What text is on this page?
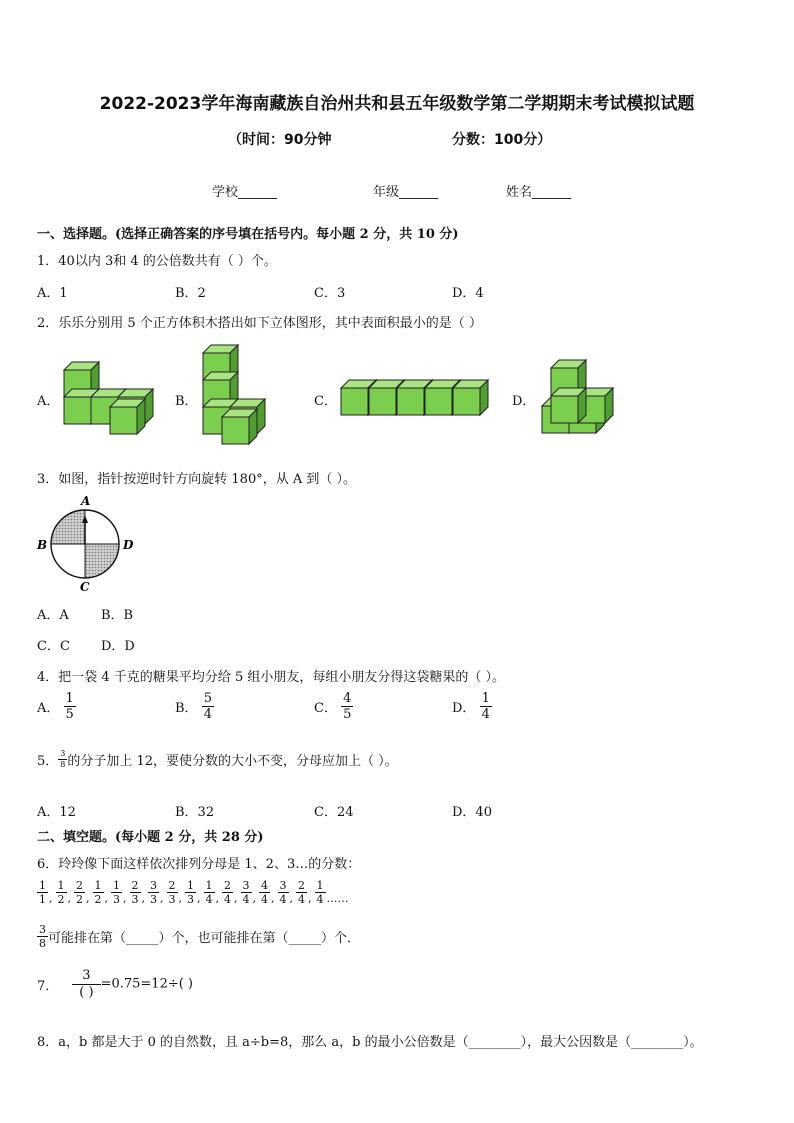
2022-2023学年海南藏族自治州共和县五年级数学第二学期期末考试模拟试题
（时间：90分钟	分数：100分）
学校______	年级______	姓名______
一、选择题。(选择正确答案的序号填在括号内。每小题 2 分，共 10 分)
1．40以内 3和 4 的公倍数共有（ ）个。
A．1	B．2	C．3	D．4
2．乐乐分别用 5 个正方体积木搭出如下立体图形，其中表面积最小的是（ ）
A．	B．	C．	D．
3．如图，指针按逆时针方向旋转 180°，从 A 到（ ）。
A
B
C
D
A．A B．B
C．C D．D
4．把一袋 4 千克的糖果平均分给 5 组小朋友，每组小朋友分得这袋糖果的（ ）。
A． $\frac{1}{5}$	B． $\frac{5}{4}$	C． $\frac{4}{5}$	D． $\frac{1}{4}$
5． $\frac{3}{8}$ 的分子加上 12，要使分数的大小不变，分母应加上（ ）。
A．12	B．32	C．24	D．40
二、填空题。(每小题 2 分，共 28 分)
6．玲玲像下面这样依次排列分母是 1、2、3…的分数：
$\frac{1}{1}$ , $\frac{1}{2}$ , $\frac{2}{2}$ , $\frac{1}{2}$ , $\frac{1}{3}$ , $\frac{2}{3}$ , $\frac{3}{3}$ , $\frac{2}{3}$ , $\frac{1}{3}$ , $\frac{1}{4}$ , $\frac{2}{4}$ , $\frac{3}{4}$ , $\frac{4}{4}$ , $\frac{3}{4}$ , $\frac{2}{4}$ , $\frac{1}{4}$ ……
$\frac{3}{8}$ 可能排在第（_____）个，也可能排在第（_____）个．
7． $\frac{3}{( )} =0.75=12\div$( )
8．a，b 都是大于 0 的自然数，且 a÷b=8，那么 a，b 的最小公倍数是（________），最大公因数是（________）。
